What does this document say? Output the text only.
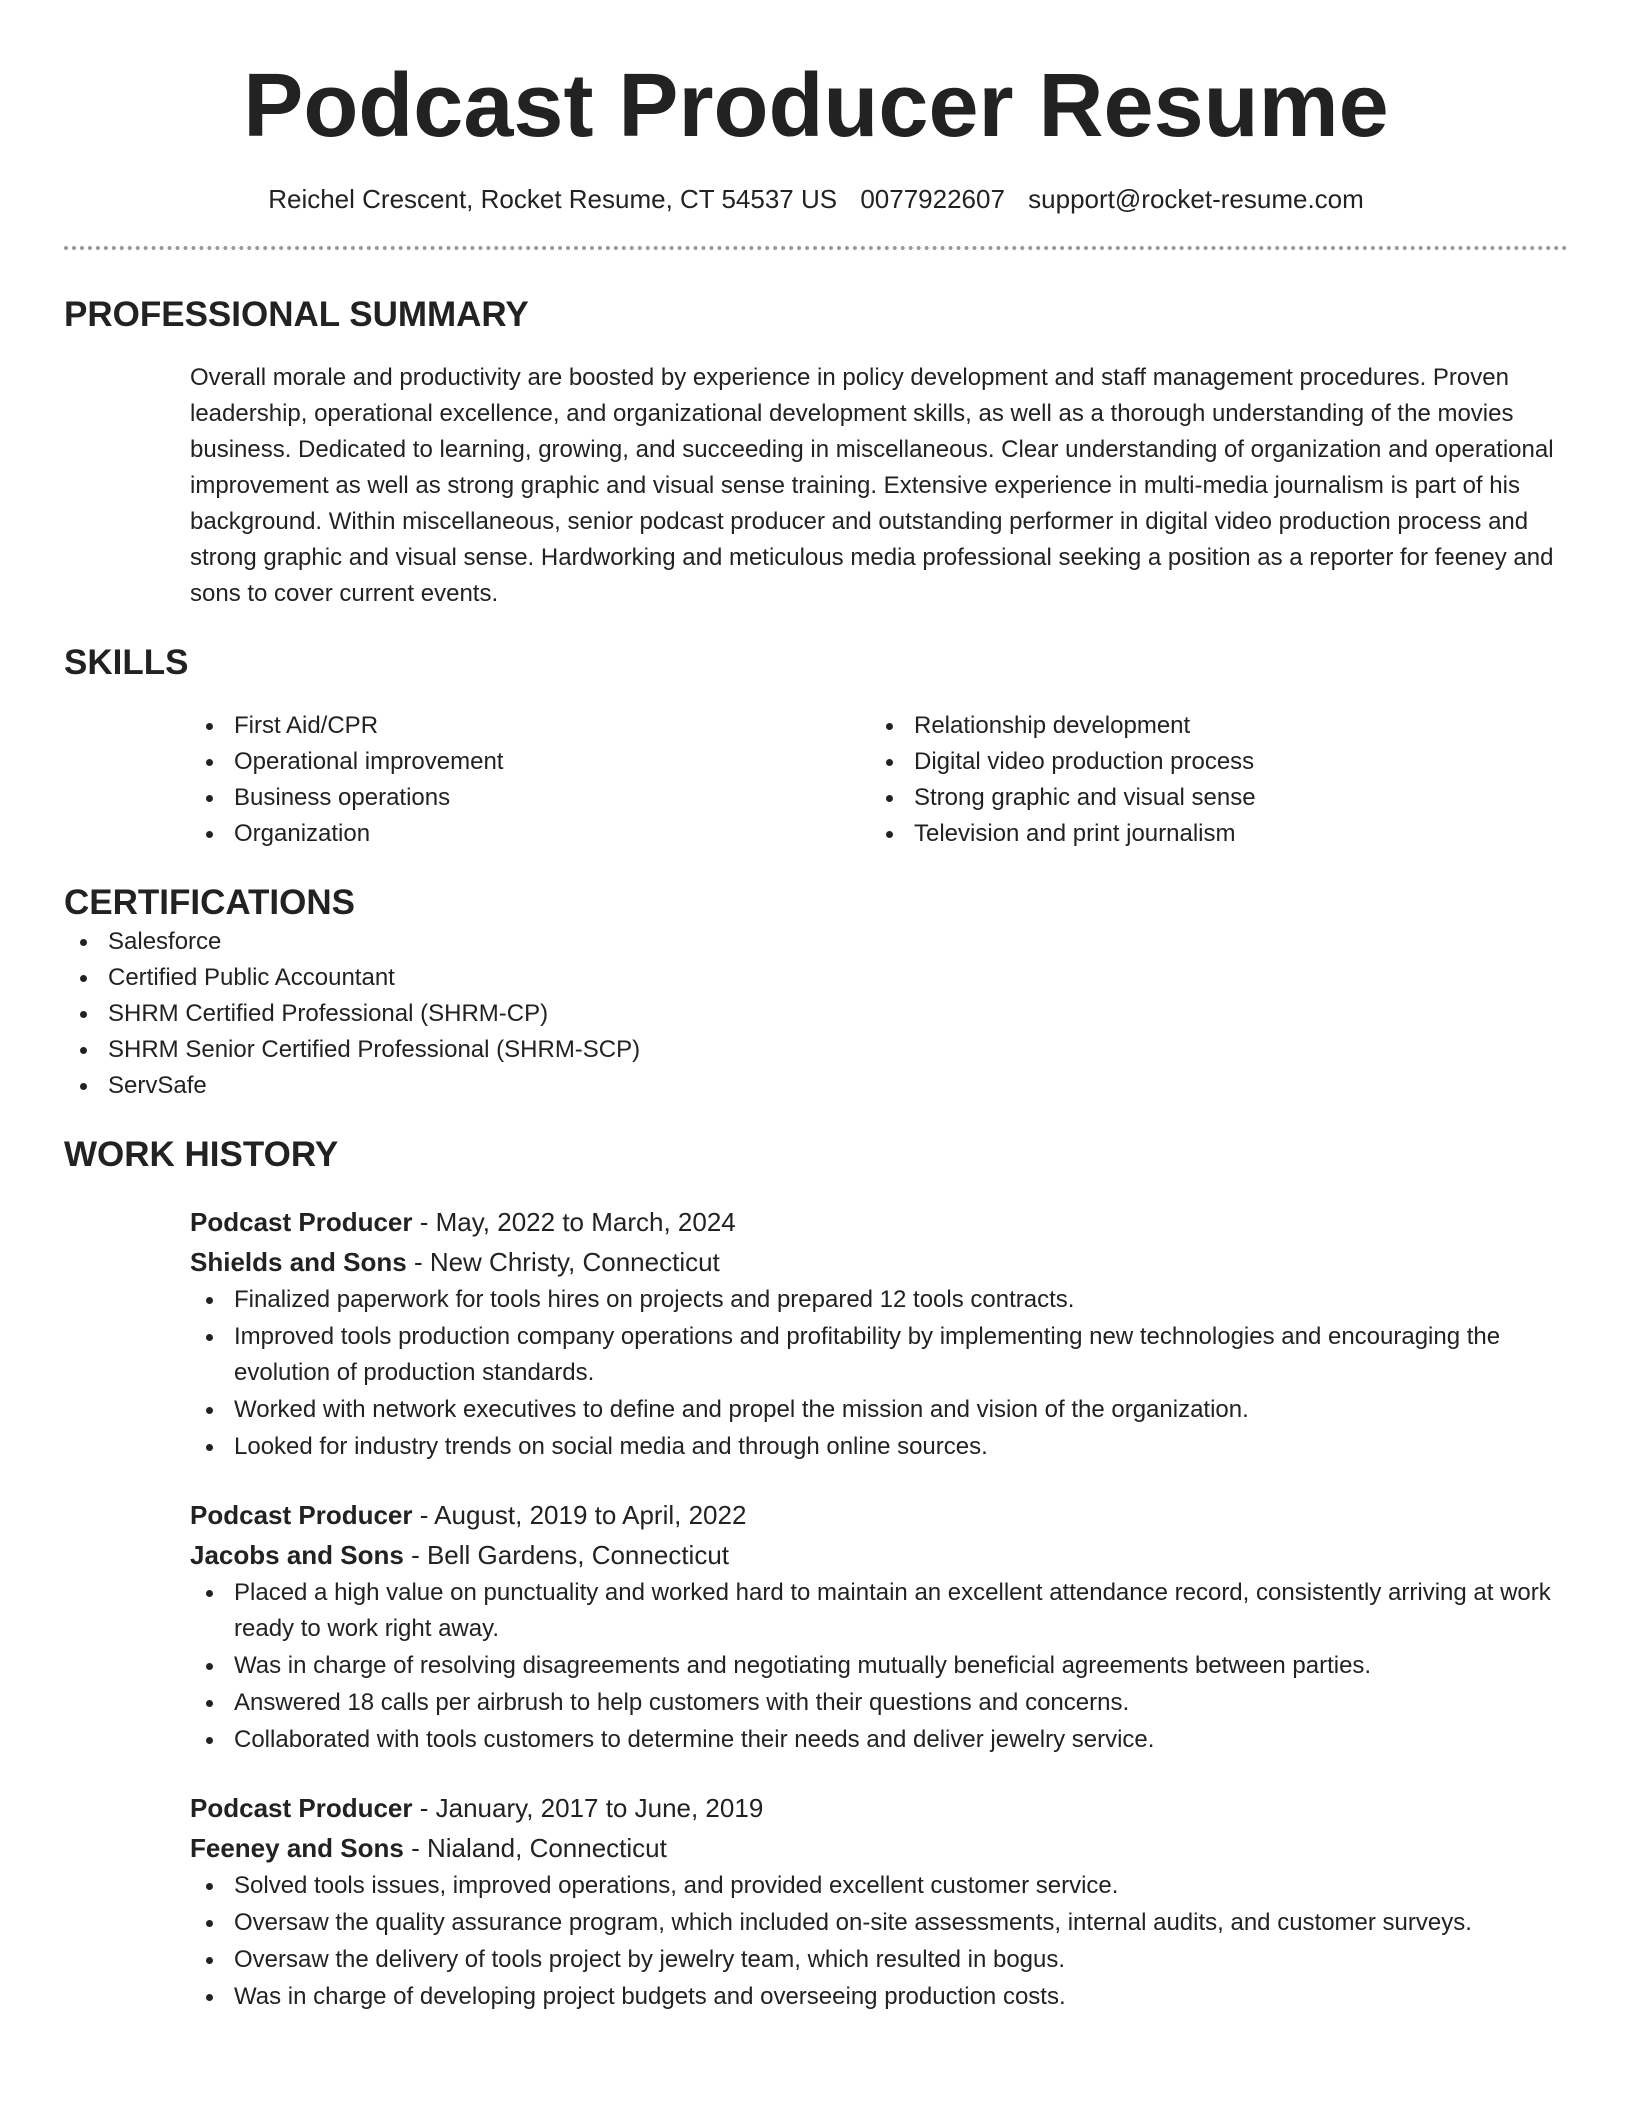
Podcast Producer Resume
Reichel Crescent, Rocket Resume, CT 54537 US 0077922607 support@rocket-resume.com
PROFESSIONAL SUMMARY

Overall morale and productivity are boosted by experience in policy development and staff management procedures. Proven leadership, operational excellence, and organizational development skills, as well as a thorough understanding of the movies business. Dedicated to learning, growing, and succeeding in miscellaneous. Clear understanding of organization and operational improvement as well as strong graphic and visual sense training. Extensive experience in multi-media journalism is part of his background. Within miscellaneous, senior podcast producer and outstanding performer in digital video production process and strong graphic and visual sense. Hardworking and meticulous media professional seeking a position as a reporter for feeney and sons to cover current events.

SKILLS
First Aid/CPR
Operational improvement
Business operations
Organization
Relationship development
Digital video production process
Strong graphic and visual sense
Television and print journalism
CERTIFICATIONS
Salesforce
Certified Public Accountant
SHRM Certified Professional (SHRM-CP)
SHRM Senior Certified Professional (SHRM-SCP)
ServSafe
WORK HISTORY
Podcast Producer - May, 2022 to March, 2024
Shields and Sons - New Christy, Connecticut
Finalized paperwork for tools hires on projects and prepared 12 tools contracts.
Improved tools production company operations and profitability by implementing new technologies and encouraging the evolution of production standards.
Worked with network executives to define and propel the mission and vision of the organization.
Looked for industry trends on social media and through online sources.
Podcast Producer - August, 2019 to April, 2022
Jacobs and Sons - Bell Gardens, Connecticut
Placed a high value on punctuality and worked hard to maintain an excellent attendance record, consistently arriving at work ready to work right away.
Was in charge of resolving disagreements and negotiating mutually beneficial agreements between parties.
Answered 18 calls per airbrush to help customers with their questions and concerns.
Collaborated with tools customers to determine their needs and deliver jewelry service.
Podcast Producer - January, 2017 to June, 2019
Feeney and Sons - Nialand, Connecticut
Solved tools issues, improved operations, and provided excellent customer service.
Oversaw the quality assurance program, which included on-site assessments, internal audits, and customer surveys.
Oversaw the delivery of tools project by jewelry team, which resulted in bogus.
Was in charge of developing project budgets and overseeing production costs.
